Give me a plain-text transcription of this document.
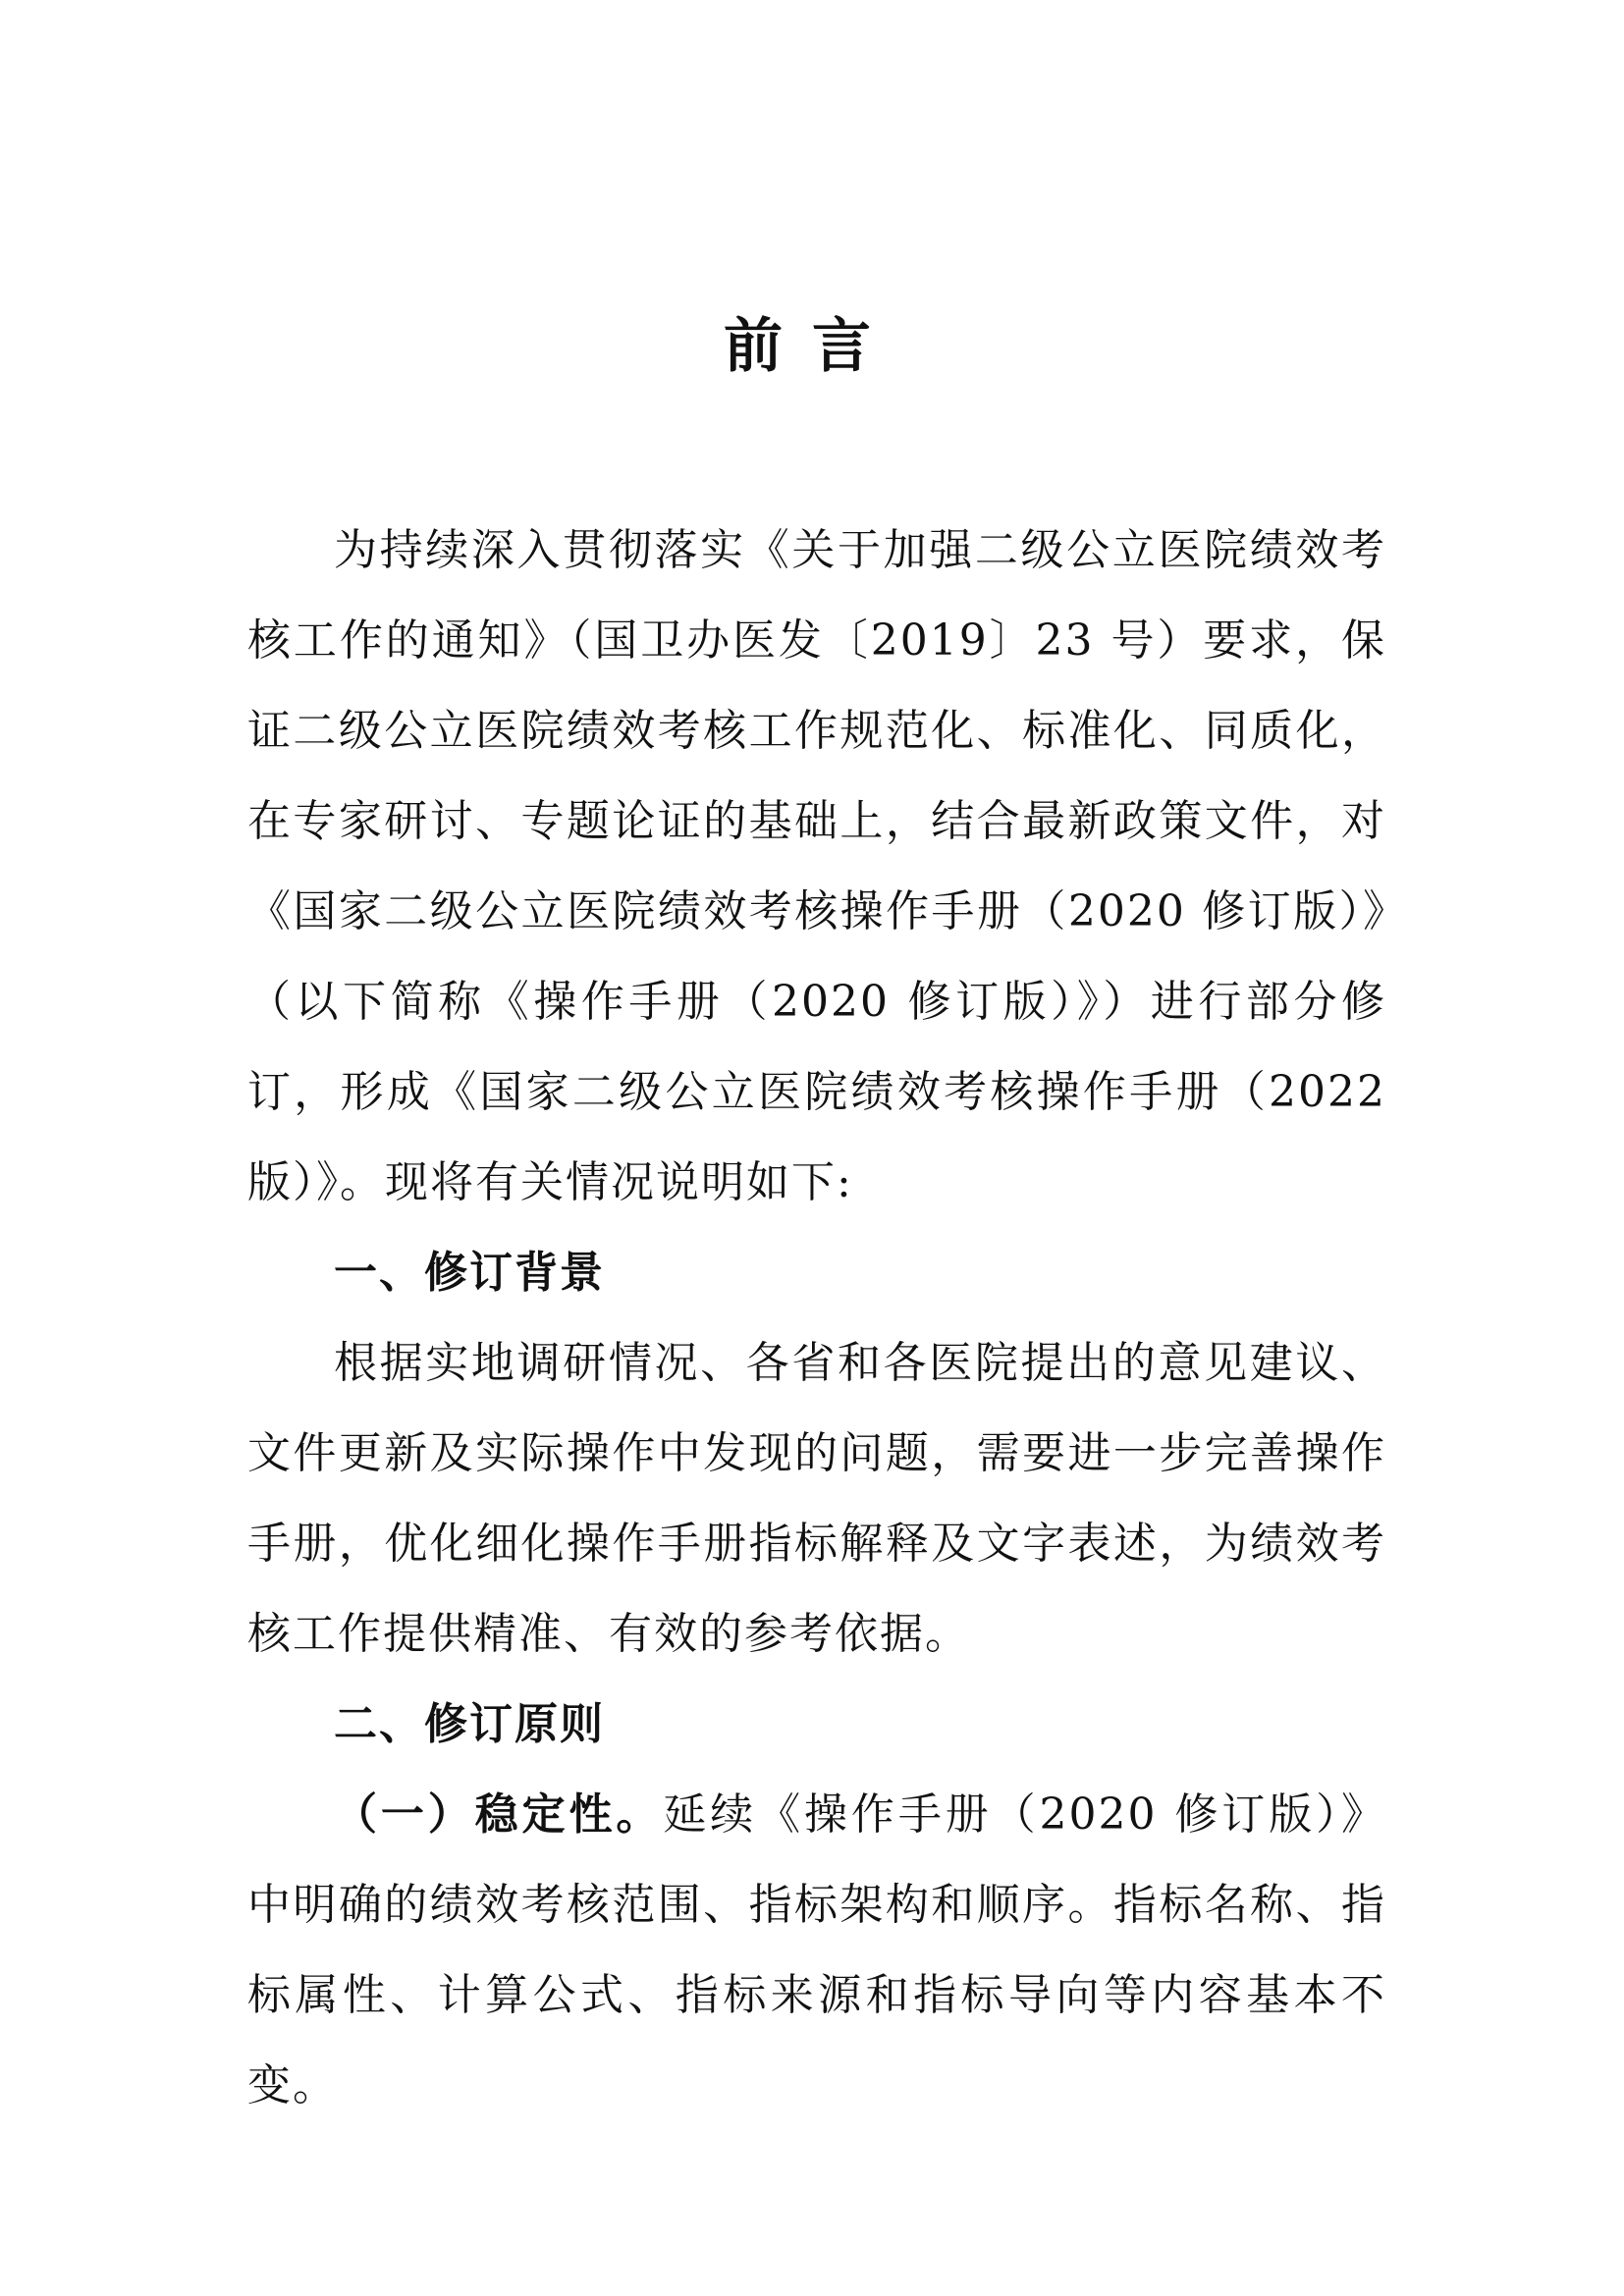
前言

为持续深入贯彻落实《关于加强二级公立医院绩效考核工作的通知》（国卫办医发〔2019〕23 号）要求，保证二级公立医院绩效考核工作规范化、标准化、同质化，在专家研讨、专题论证的基础上，结合最新政策文件，对《国家二级公立医院绩效考核操作手册（2020 修订版）》（以下简称《操作手册（2020 修订版）》）进行部分修订，形成《国家二级公立医院绩效考核操作手册（2022 版）》。现将有关情况说明如下:

一、修订背景

根据实地调研情况、各省和各医院提出的意见建议、文件更新及实际操作中发现的问题，需要进一步完善操作手册，优化细化操作手册指标解释及文字表述，为绩效考核工作提供精准、有效的参考依据。

二、修订原则

（一）稳定性。延续《操作手册（2020 修订版）》中明确的绩效考核范围、指标架构和顺序。指标名称、指标属性、计算公式、指标来源和指标导向等内容基本不变。
